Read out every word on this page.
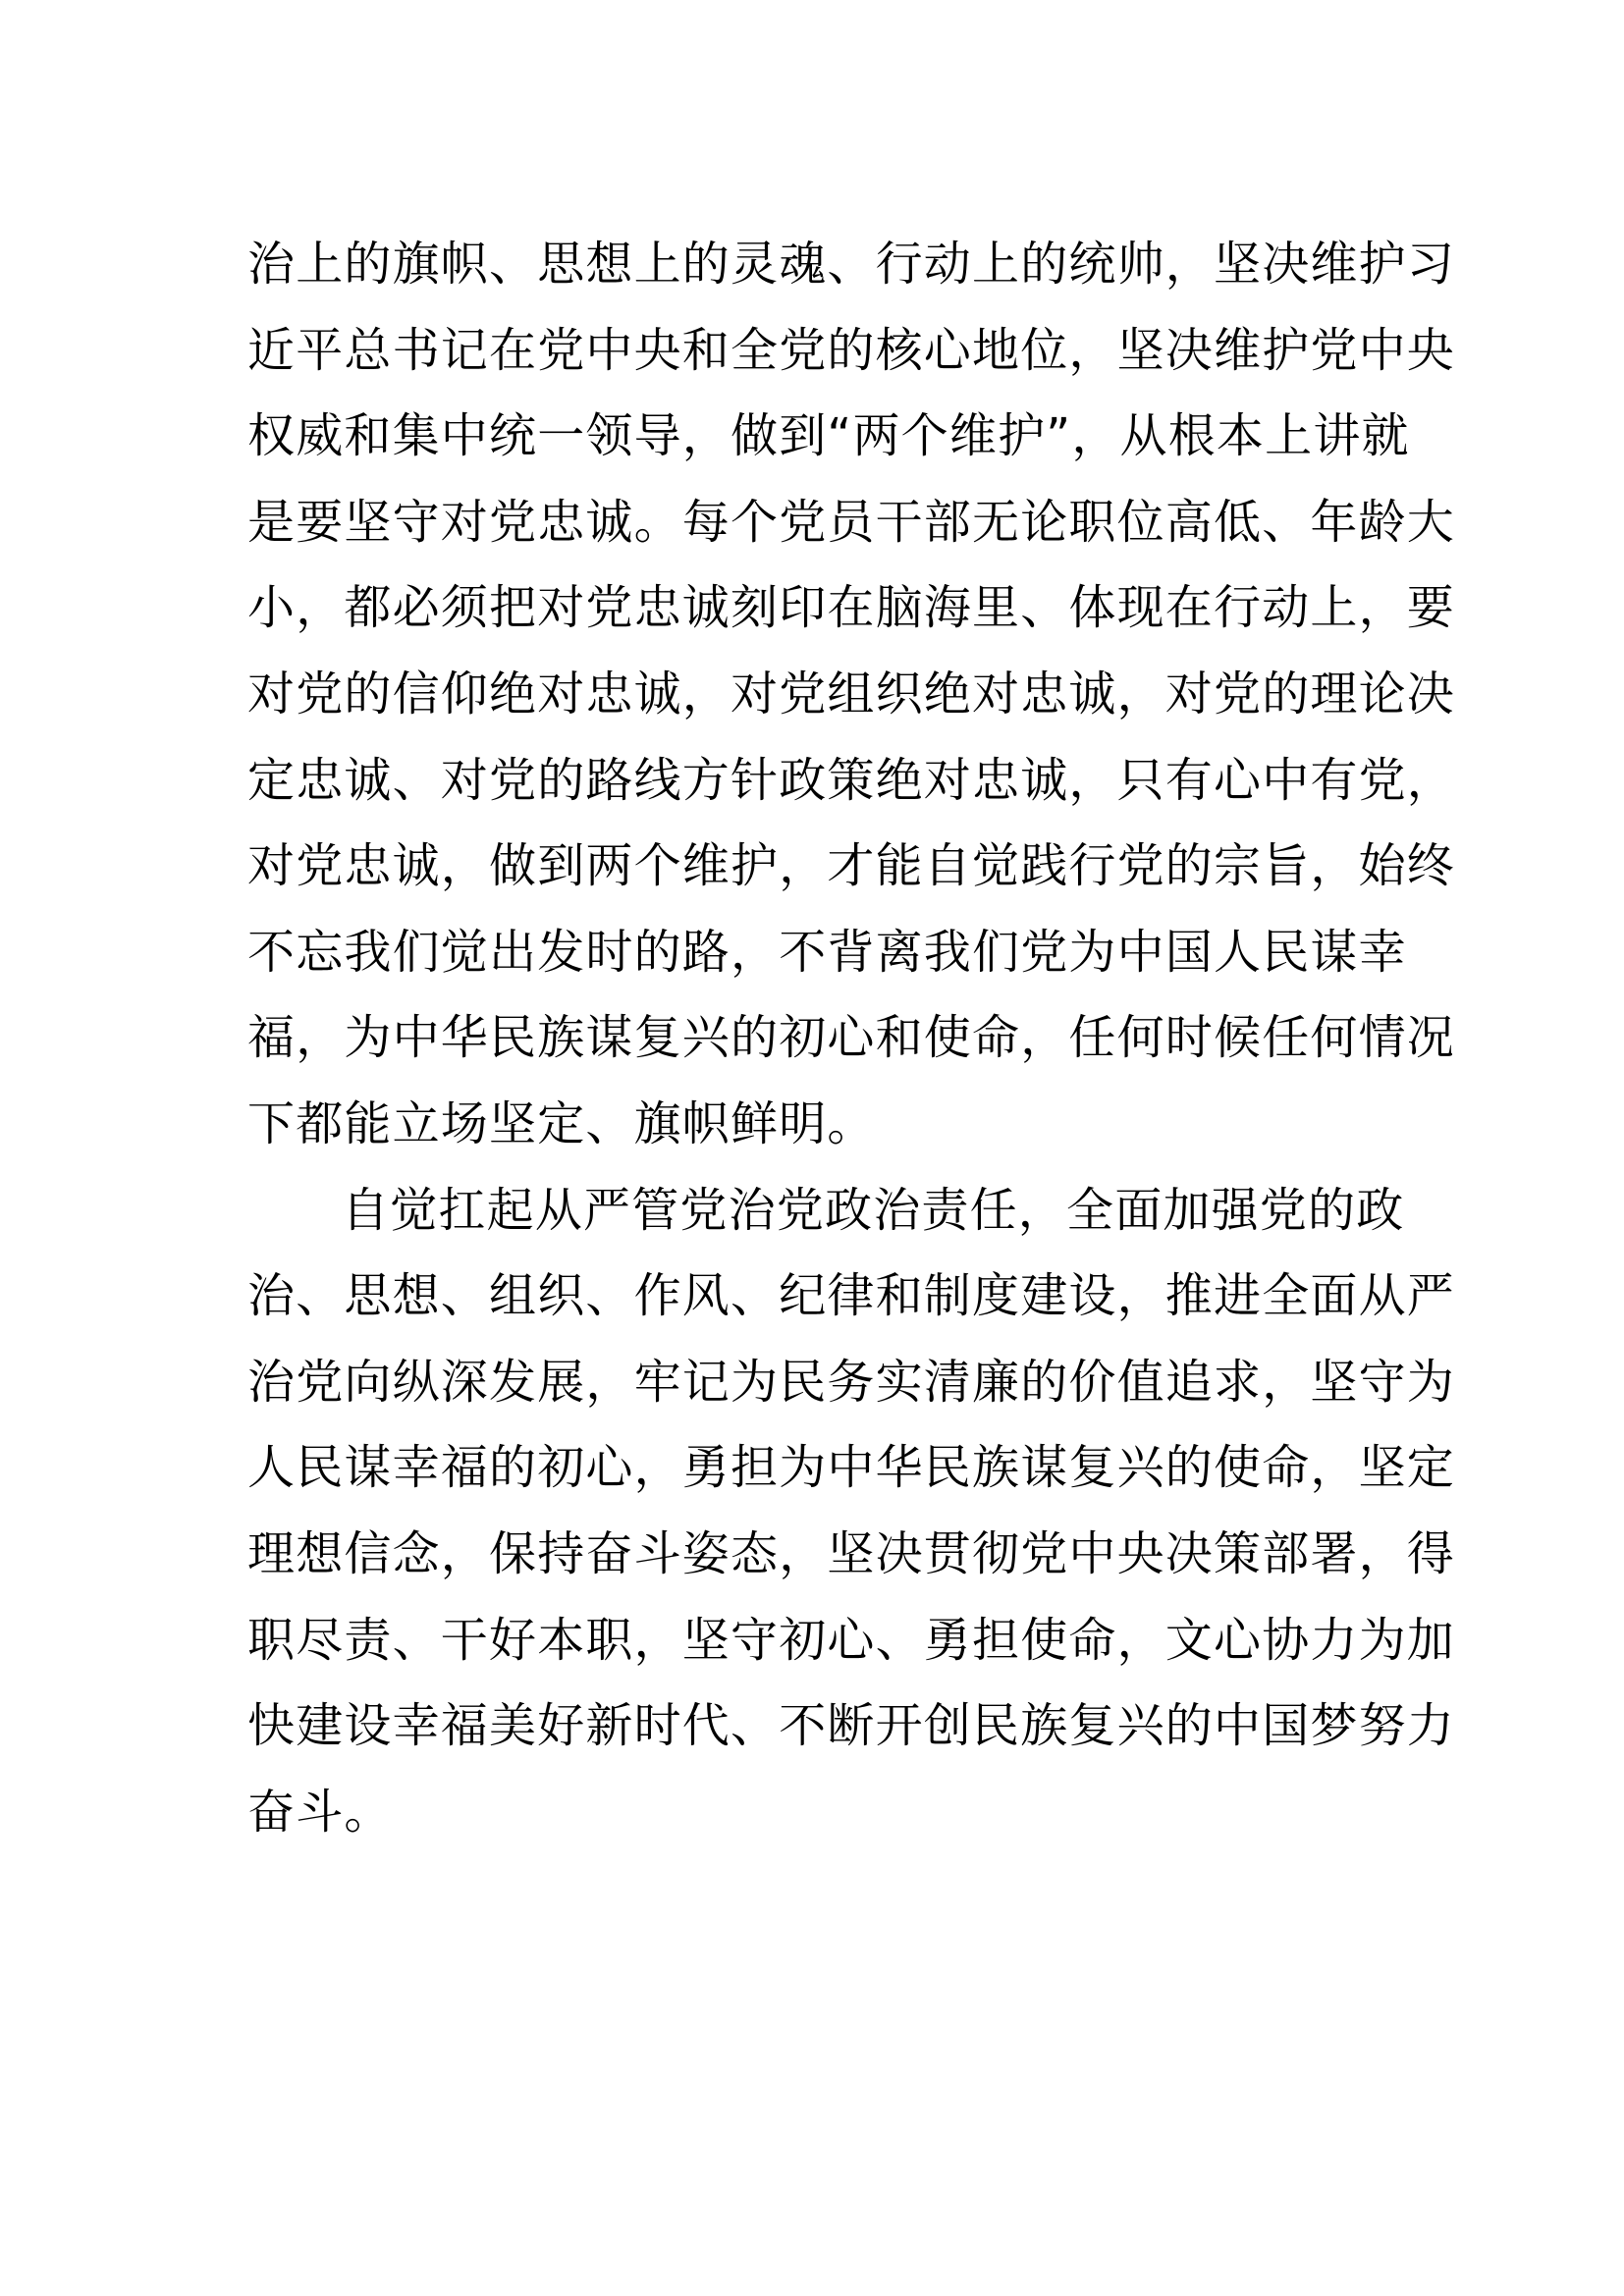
治上的旗帜、思想上的灵魂、行动上的统帅，坚决维护习
近平总书记在党中央和全党的核心地位，坚决维护党中央
权威和集中统一领导，做到“两个维护”，从根本上讲就
是要坚守对党忠诚。每个党员干部无论职位高低、年龄大
小，都必须把对党忠诚刻印在脑海里、体现在行动上，要
对党的信仰绝对忠诚，对党组织绝对忠诚，对党的理论决
定忠诚、对党的路线方针政策绝对忠诚，只有心中有党，
对党忠诚，做到两个维护，才能自觉践行党的宗旨，始终
不忘我们觉出发时的路，不背离我们党为中国人民谋幸
福，为中华民族谋复兴的初心和使命，任何时候任何情况
下都能立场坚定、旗帜鲜明。
自觉扛起从严管党治党政治责任，全面加强党的政
治、思想、组织、作风、纪律和制度建设，推进全面从严
治党向纵深发展，牢记为民务实清廉的价值追求，坚守为
人民谋幸福的初心，勇担为中华民族谋复兴的使命，坚定
理想信念，保持奋斗姿态，坚决贯彻党中央决策部署，得
职尽责、干好本职，坚守初心、勇担使命，文心协力为加
快建设幸福美好新时代、不断开创民族复兴的中国梦努力
奋斗。
